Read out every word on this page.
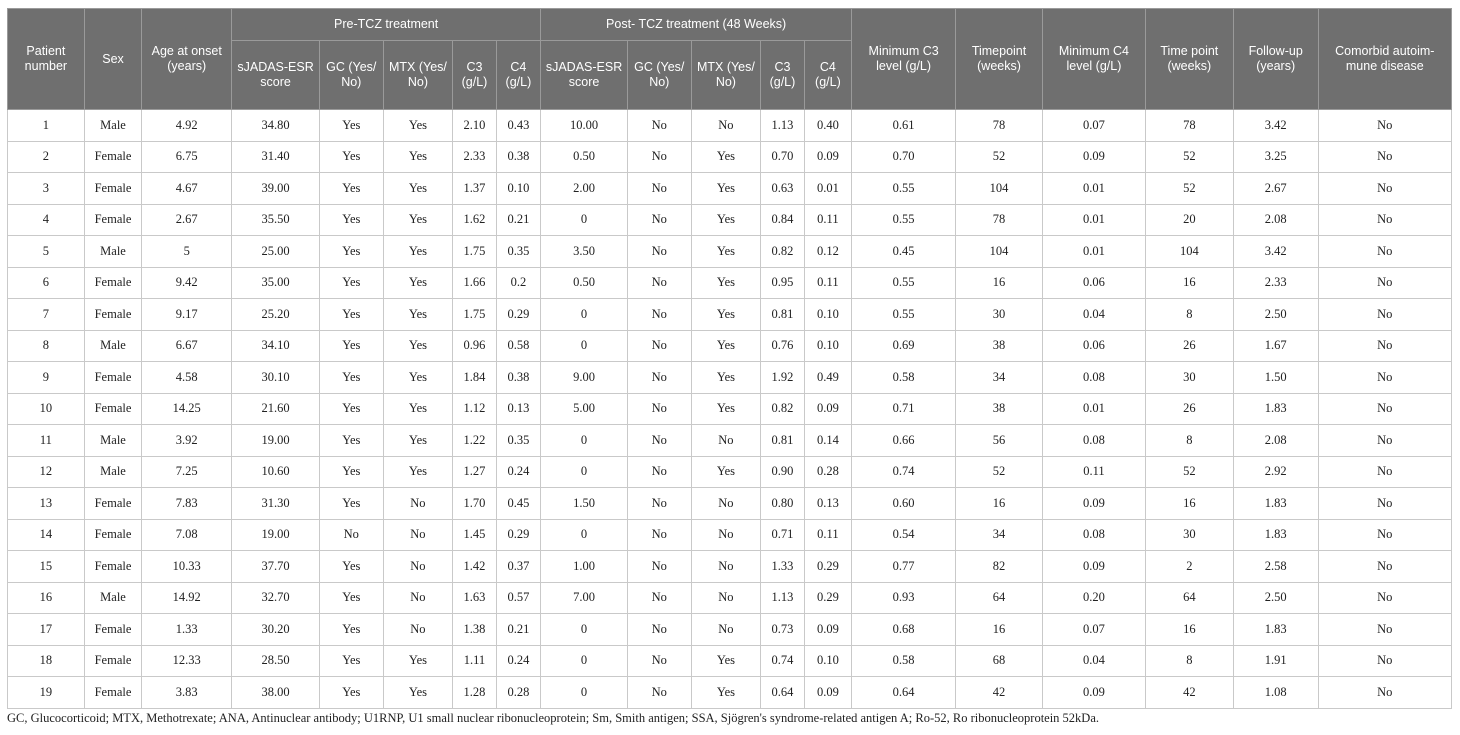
Patient number	Sex	Age at onset (years)	Pre-TCZ treatment					Post- TCZ treatment (48 Weeks)					Minimum C3 level (g/L)	Timepoint (weeks)	Minimum C4 level (g/L)	Time point (weeks)	Follow-up (years)	Comorbid autoim-mune disease
			sJADAS-ESR score	GC (Yes/ No)	MTX (Yes/ No)	C3 (g/L)	C4 (g/L)	sJADAS-ESR score	GC (Yes/ No)	MTX (Yes/ No)	C3 (g/L)	C4 (g/L)						
1	Male	4.92	34.80	Yes	Yes	2.10	0.43	10.00	No	No	1.13	0.40	0.61	78	0.07	78	3.42	No
2	Female	6.75	31.40	Yes	Yes	2.33	0.38	0.50	No	Yes	0.70	0.09	0.70	52	0.09	52	3.25	No
3	Female	4.67	39.00	Yes	Yes	1.37	0.10	2.00	No	Yes	0.63	0.01	0.55	104	0.01	52	2.67	No
4	Female	2.67	35.50	Yes	Yes	1.62	0.21	0	No	Yes	0.84	0.11	0.55	78	0.01	20	2.08	No
5	Male	5	25.00	Yes	Yes	1.75	0.35	3.50	No	Yes	0.82	0.12	0.45	104	0.01	104	3.42	No
6	Female	9.42	35.00	Yes	Yes	1.66	0.2	0.50	No	Yes	0.95	0.11	0.55	16	0.06	16	2.33	No
7	Female	9.17	25.20	Yes	Yes	1.75	0.29	0	No	Yes	0.81	0.10	0.55	30	0.04	8	2.50	No
8	Male	6.67	34.10	Yes	Yes	0.96	0.58	0	No	Yes	0.76	0.10	0.69	38	0.06	26	1.67	No
9	Female	4.58	30.10	Yes	Yes	1.84	0.38	9.00	No	Yes	1.92	0.49	0.58	34	0.08	30	1.50	No
10	Female	14.25	21.60	Yes	Yes	1.12	0.13	5.00	No	Yes	0.82	0.09	0.71	38	0.01	26	1.83	No
11	Male	3.92	19.00	Yes	Yes	1.22	0.35	0	No	No	0.81	0.14	0.66	56	0.08	8	2.08	No
12	Male	7.25	10.60	Yes	Yes	1.27	0.24	0	No	Yes	0.90	0.28	0.74	52	0.11	52	2.92	No
13	Female	7.83	31.30	Yes	No	1.70	0.45	1.50	No	No	0.80	0.13	0.60	16	0.09	16	1.83	No
14	Female	7.08	19.00	No	No	1.45	0.29	0	No	No	0.71	0.11	0.54	34	0.08	30	1.83	No
15	Female	10.33	37.70	Yes	No	1.42	0.37	1.00	No	No	1.33	0.29	0.77	82	0.09	2	2.58	No
16	Male	14.92	32.70	Yes	No	1.63	0.57	7.00	No	No	1.13	0.29	0.93	64	0.20	64	2.50	No
17	Female	1.33	30.20	Yes	No	1.38	0.21	0	No	No	0.73	0.09	0.68	16	0.07	16	1.83	No
18	Female	12.33	28.50	Yes	Yes	1.11	0.24	0	No	Yes	0.74	0.10	0.58	68	0.04	8	1.91	No
19	Female	3.83	38.00	Yes	Yes	1.28	0.28	0	No	Yes	0.64	0.09	0.64	42	0.09	42	1.08	No
GC, Glucocorticoid; MTX, Methotrexate; ANA, Antinuclear antibody; U1RNP, U1 small nuclear ribonucleoprotein; Sm, Smith antigen; SSA, Sjögren's syndrome-related antigen A; Ro-52, Ro ribonucleoprotein 52kDa.
